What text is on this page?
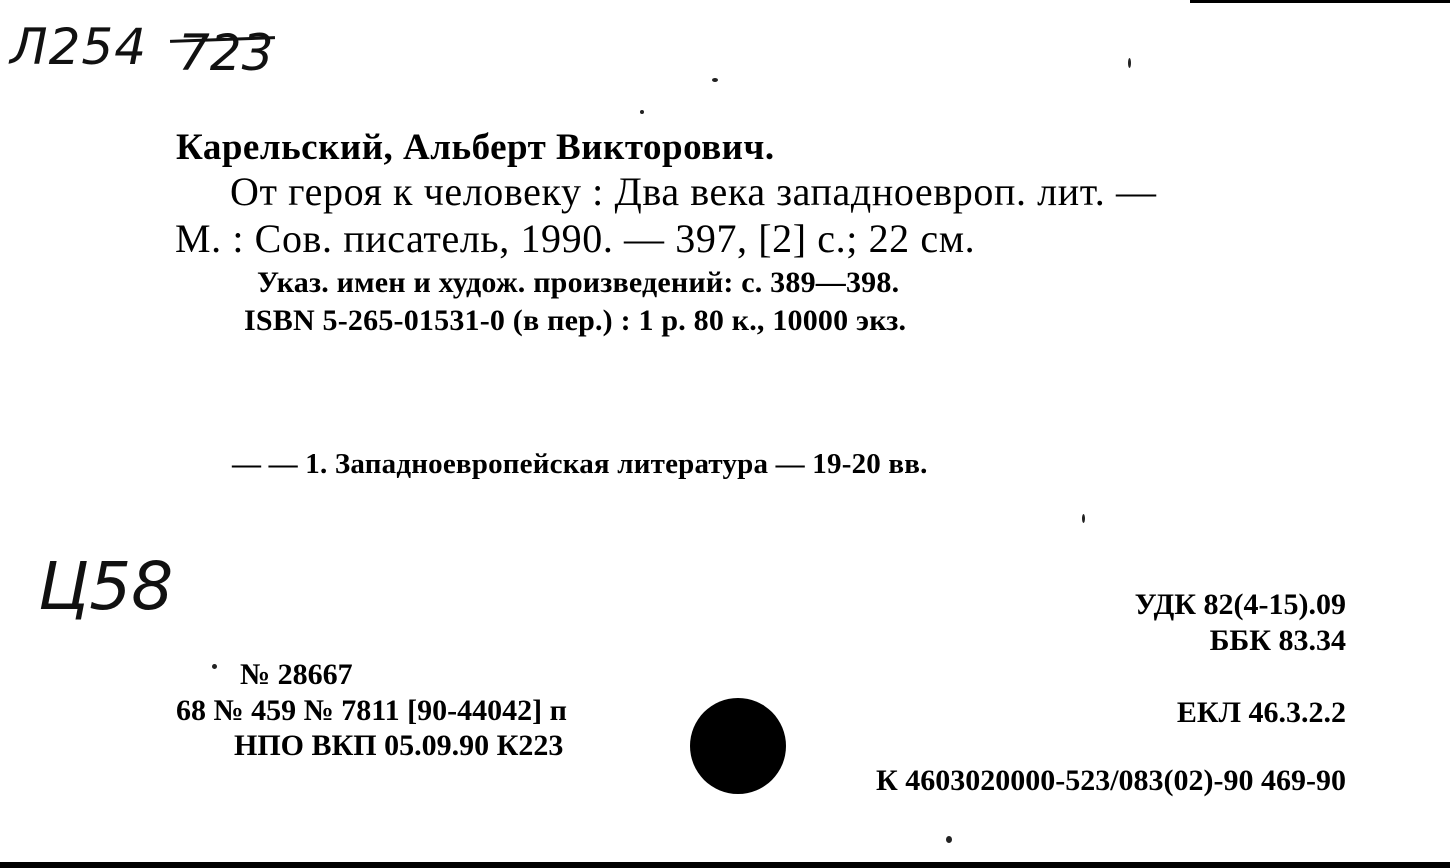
Л254 723
Карельский, Альберт Викторович.
От героя к человеку : Два века западноевроп. лит. —
М. : Сов. писатель, 1990. — 397, [2] с.; 22 см.
Указ. имен и худож. произведений: с. 389—398.
ISBN 5-265-01531-0 (в пер.) : 1 р. 80 к., 10000 экз.
— — 1. Западноевропейская литература — 19-20 вв.
Ц58	УДК 82(4-15).09
ББК 83.34
ЕКЛ 46.3.2.2
К 4603020000-523/083(02)-90 469-90
№ 28667
68 № 459 № 7811 [90-44042] п
НПО ВКП 05.09.90 К223
